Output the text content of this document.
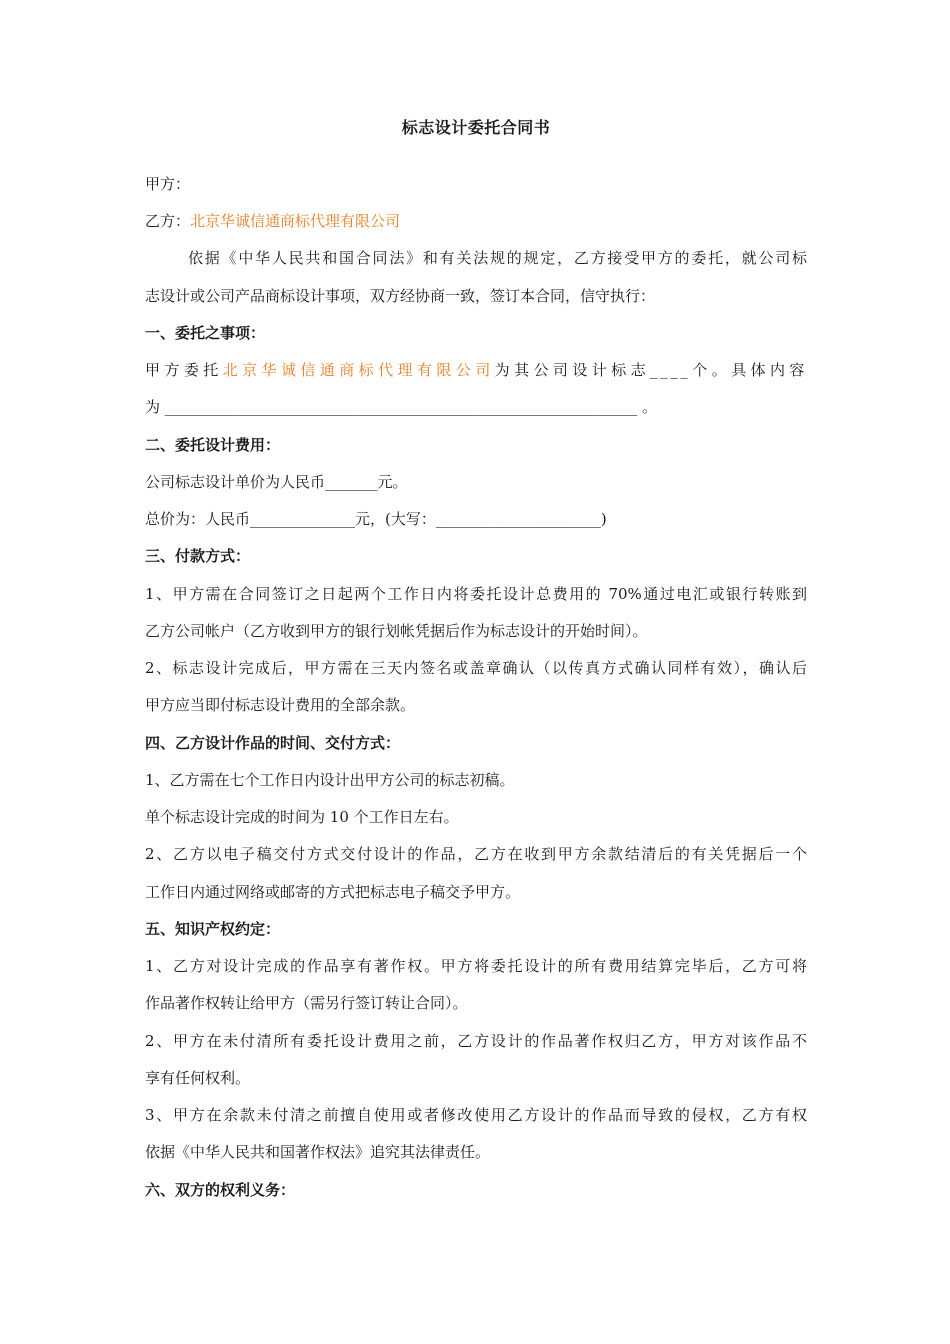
标志设计委托合同书
甲方：
乙方：北京华诚信通商标代理有限公司
依据《中华人民共和国合同法》和有关法规的规定，乙方接受甲方的委托，就公司标
志设计或公司产品商标设计事项，双方经协商一致，签订本合同，信守执行：
一、委托之事项：
甲方委托北京华诚信通商标代理有限公司为其公司设计标志____个。具体内容
为 _______________________________________________________________ 。
二、委托设计费用：
公司标志设计单价为人民币_______元。
总价为：人民币______________元，(大写：______________________)
三、付款方式：
1、甲方需在合同签订之日起两个工作日内将委托设计总费用的 70%通过电汇或银行转账到
乙方公司帐户（乙方收到甲方的银行划帐凭据后作为标志设计的开始时间）。
2、标志设计完成后，甲方需在三天内签名或盖章确认（以传真方式确认同样有效），确认后
甲方应当即付标志设计费用的全部余款。
四、乙方设计作品的时间、交付方式：
1、乙方需在七个工作日内设计出甲方公司的标志初稿。
单个标志设计完成的时间为 10 个工作日左右。
2、乙方以电子稿交付方式交付设计的作品，乙方在收到甲方余款结清后的有关凭据后一个
工作日内通过网络或邮寄的方式把标志电子稿交予甲方。
五、知识产权约定：
1、乙方对设计完成的作品享有著作权。甲方将委托设计的所有费用结算完毕后，乙方可将
作品著作权转让给甲方（需另行签订转让合同）。
2、甲方在未付清所有委托设计费用之前，乙方设计的作品著作权归乙方，甲方对该作品不
享有任何权利。
3、甲方在余款未付清之前擅自使用或者修改使用乙方设计的作品而导致的侵权，乙方有权
依据《中华人民共和国著作权法》追究其法律责任。
六、双方的权利义务：
